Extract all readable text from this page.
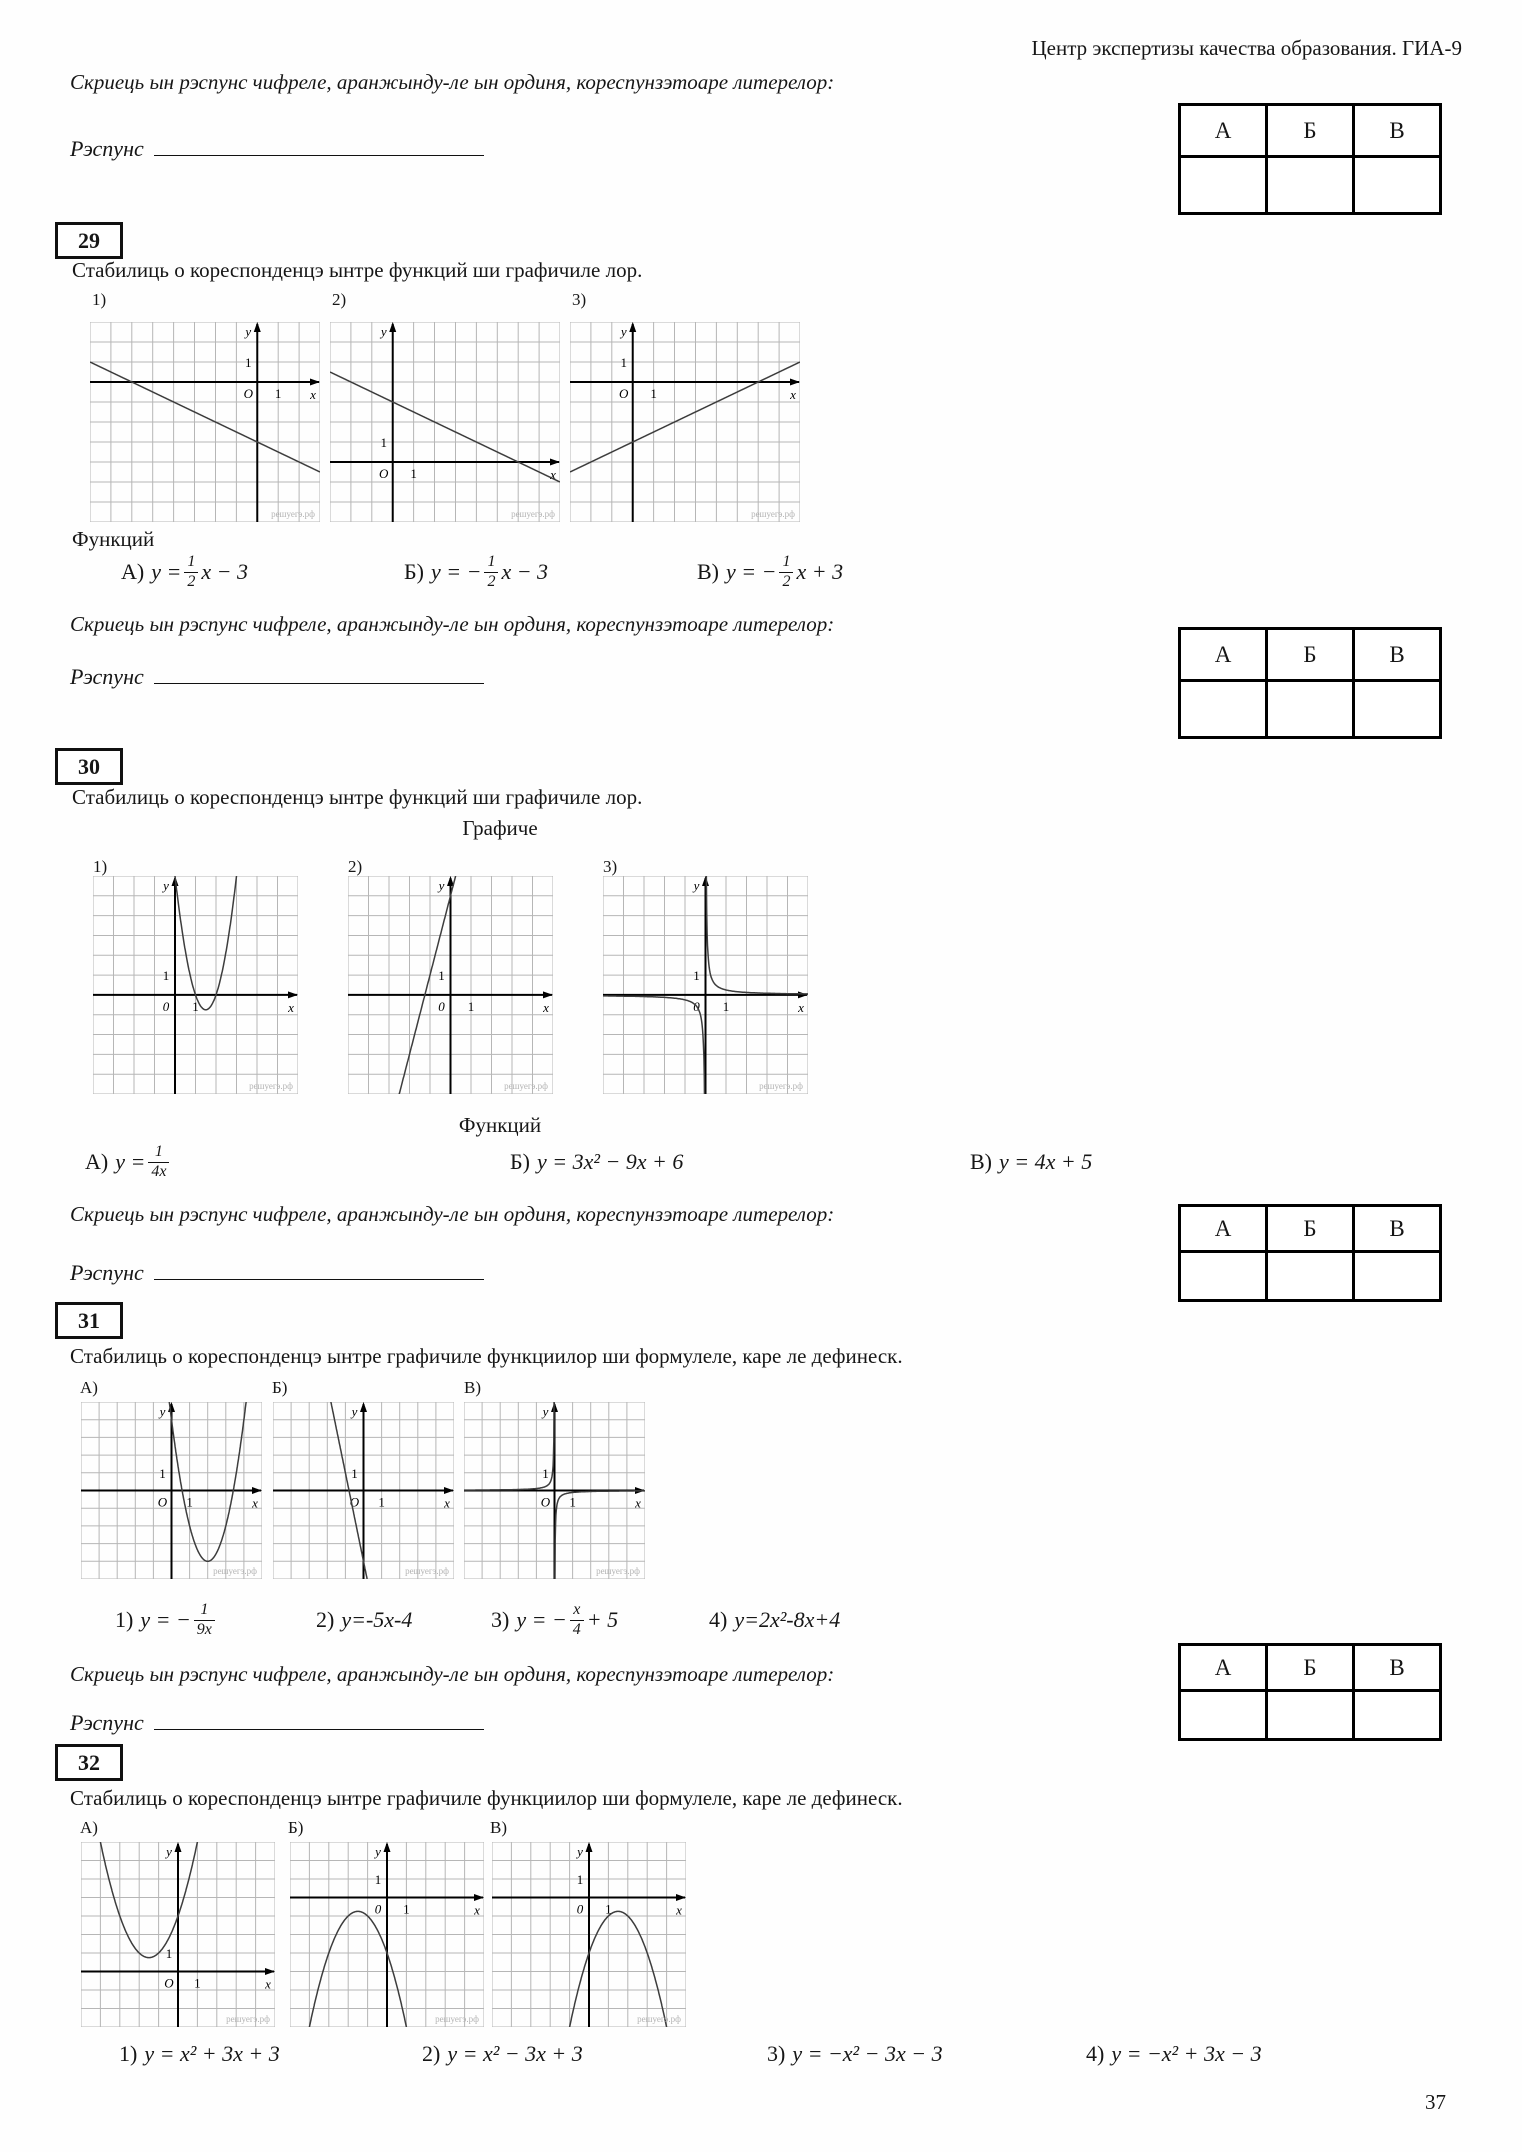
Центр экспертизы качества образования. ГИА-9
Скриець ын рэспунс чифреле, аранжынду-ле ын ординя, кореспунзэтоаре литерелор:
Рэспунс
А	Б	В

29
Стабилиць о кореспонденцэ ынтре функций ши графичиле лор.
1)	2)	3)
y
x
O 1
1
решуегэ.рф
y
x
O 1
1
решуегэ.рф
y
x
O 1
1
решуегэ.рф
Функций
А) $y = \frac{1}{2}$ x − 3	Б) y = − $\frac{1}{2}$ x − 3	В) y = − $\frac{1}{2}$ x + 3
Скриець ын рэспунс чифреле, аранжынду-ле ын ординя, кореспунзэтоаре литерелор:
Рэспунс
А	Б	В

30
Стабилиць о кореспонденцэ ынтре функций ши графичиле лор.
Графиче
1)	2)	3)
y
x
0 1
1
решуегэ.рф
y
x
0 1
1
решуегэ.рф
y
x
0 1
1
решуегэ.рф
Функций
А) $y = \frac{1}{4x}$	Б) y = 3x² − 9x + 6	В) y = 4x + 5
Скриець ын рэспунс чифреле, аранжынду-ле ын ординя, кореспунзэтоаре литерелор:
Рэспунс
А	Б	В

31
Стабилиць о кореспонденцэ ынтре графичиле функциилор ши формулеле, каре ле дефинеск.
А)	Б)	В)
y
x
O 1
1
решуегэ.рф
y
x
O 1
1
решуегэ.рф
y
x
O 1
1
решуегэ.рф
1) y = − $\frac{1}{9x}$	2) y=-5x-4	3) y = − $\frac{x}{4} + 5$	4) y=2x²-8x+4
Скриець ын рэспунс чифреле, аранжынду-ле ын ординя, кореспунзэтоаре литерелор:
Рэспунс
А	Б	В

32
Стабилиць о кореспонденцэ ынтре графичиле функциилор ши формулеле, каре ле дефинеск.
А)	Б)	В)
y
x
O 1
1
решуегэ.рф
y
x
0 1
1
решуегэ.рф
y
x
0 1
1
решуегэ.рф
1) y = x² + 3x + 3	2) y = x² − 3x + 3	3) y = −x² − 3x − 3	4) y = −x² + 3x − 3
37
